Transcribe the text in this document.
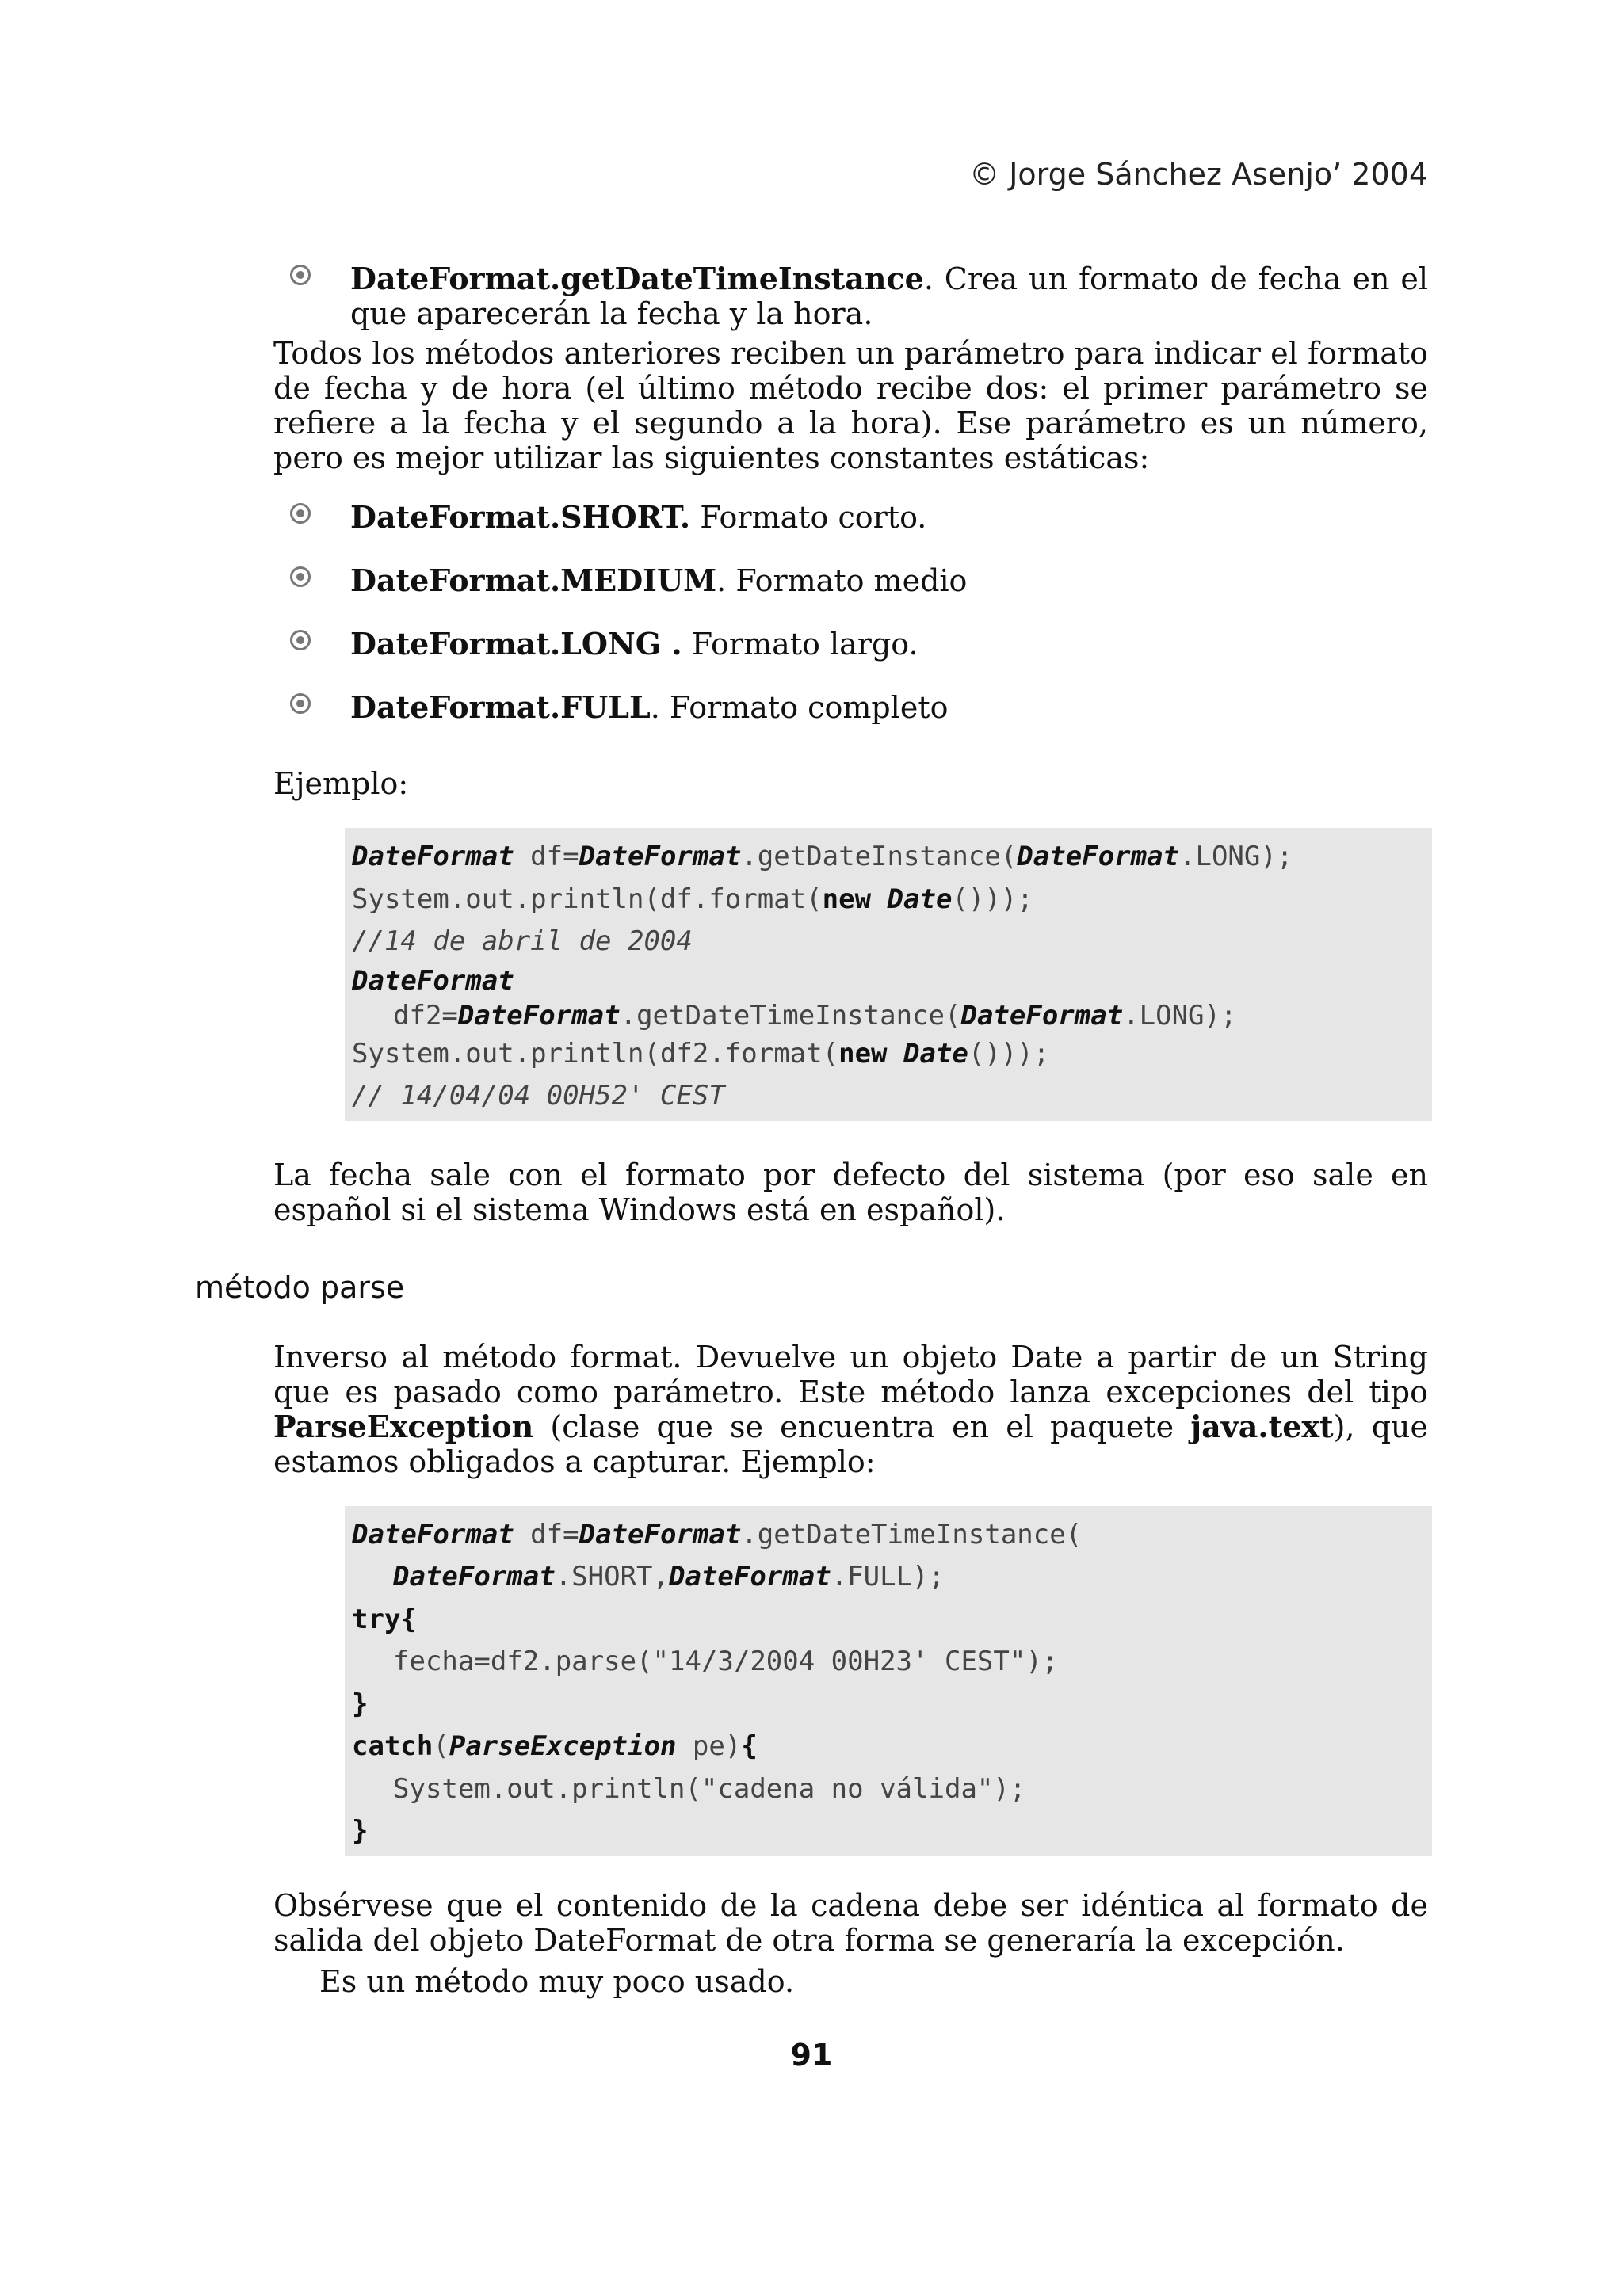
© Jorge Sánchez Asenjo’ 2004
DateFormat.getDateTimeInstance. Crea un formato de fecha en el que aparecerán la fecha y la hora.

Todos los métodos anteriores reciben un parámetro para indicar el formato de fecha y de hora (el último método recibe dos: el primer parámetro se refiere a la fecha y el segundo a la hora). Ese parámetro es un número, pero es mejor utilizar las siguientes constantes estáticas:

DateFormat.SHORT. Formato corto.
DateFormat.MEDIUM. Formato medio
DateFormat.LONG . Formato largo.
DateFormat.FULL. Formato completo

Ejemplo:

DateFormat df=DateFormat.getDateInstance(DateFormat.LONG);
System.out.println(df.format(new Date()));
//14 de abril de 2004
DateFormat
df2=DateFormat.getDateTimeInstance(DateFormat.LONG);
System.out.println(df2.format(new Date()));
// 14/04/04 00H52' CEST

La fecha sale con el formato por defecto del sistema (por eso sale en español si el sistema Windows está en español).

Inverso al método format. Devuelve un objeto Date a partir de un String que es pasado como parámetro. Este método lanza excepciones del tipo ParseException (clase que se encuentra en el paquete java.text), que estamos obligados a capturar. Ejemplo:

DateFormat df=DateFormat.getDateTimeInstance(
DateFormat.SHORT,DateFormat.FULL);
try{
fecha=df2.parse("14/3/2004 00H23' CEST");
}
catch(ParseException pe){
System.out.println("cadena no válida");
}

Obsérvese que el contenido de la cadena debe ser idéntica al formato de salida del objeto DateFormat de otra forma se generaría la excepción.

Es un método muy poco usado.

método parse
91
